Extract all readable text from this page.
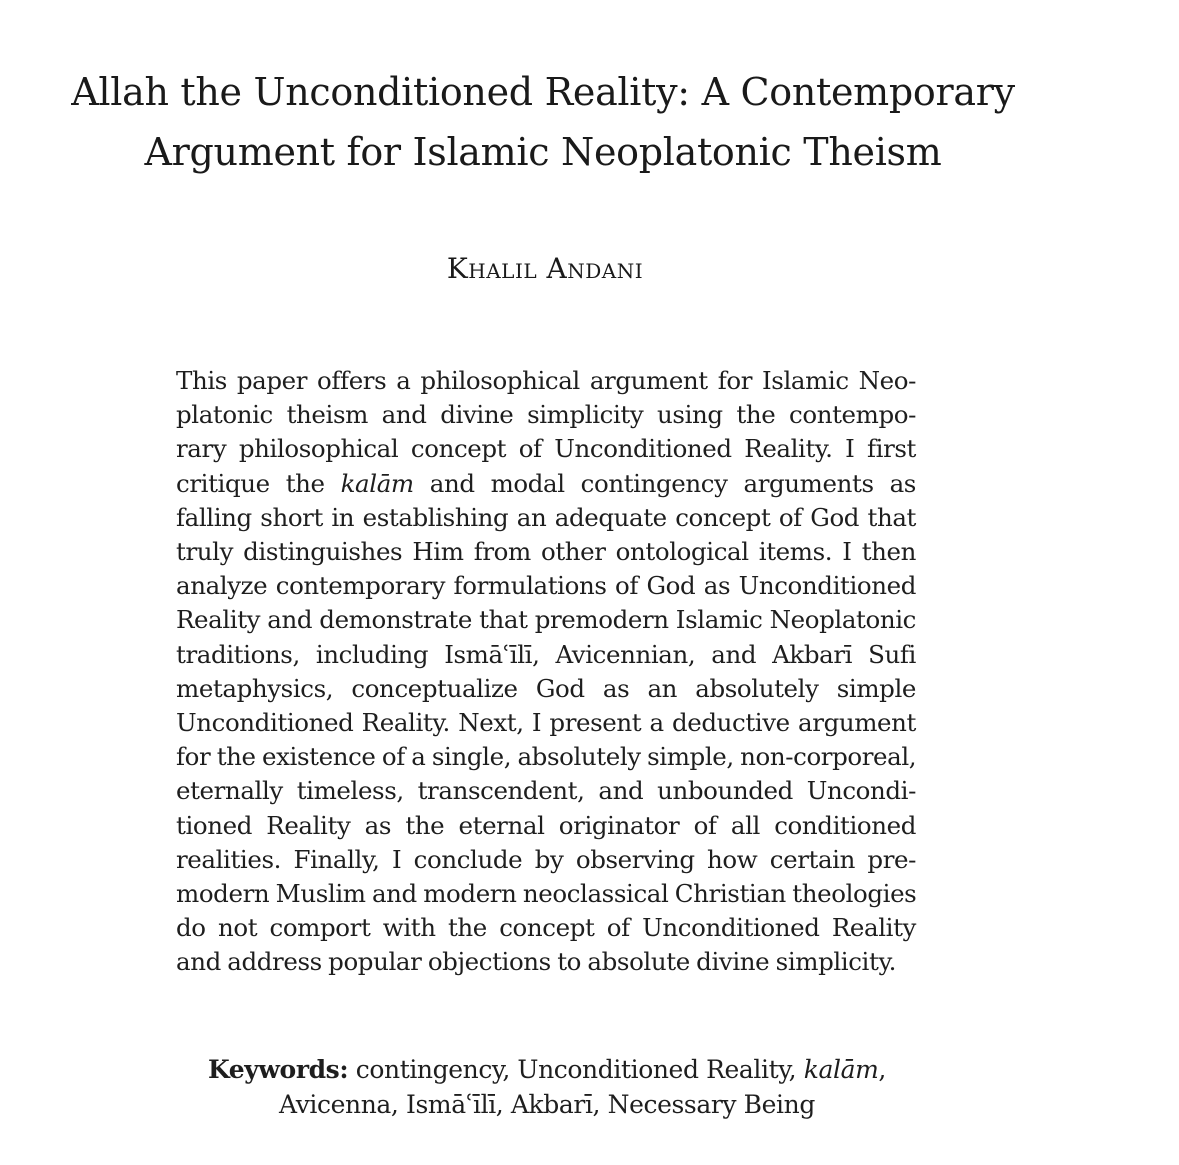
Allah the Unconditioned Reality: A Contemporary
Argument for Islamic Neoplatonic Theism
Khalil Andani
This paper offers a philosophical argument for Islamic Neo-
platonic theism and divine simplicity using the contempo-
rary philosophical concept of Unconditioned Reality. I first
critique the kalām and modal contingency arguments as
falling short in establishing an adequate concept of God that
truly distinguishes Him from other ontological items. I then
analyze contemporary formulations of God as Unconditioned
Reality and demonstrate that premodern Islamic Neoplatonic
traditions, including Ismāʿīlī, Avicennian, and Akbarī Sufi
metaphysics, conceptualize God as an absolutely simple
Unconditioned Reality. Next, I present a deductive argument
for the existence of a single, absolutely simple, non-corporeal,
eternally timeless, transcendent, and unbounded Uncondi-
tioned Reality as the eternal originator of all conditioned
realities. Finally, I conclude by observing how certain pre-
modern Muslim and modern neoclassical Christian theologies
do not comport with the concept of Unconditioned Reality
and address popular objections to absolute divine simplicity.
Keywords: contingency, Unconditioned Reality, kalām,
Avicenna, Ismāʿīlī, Akbarī, Necessary Being
